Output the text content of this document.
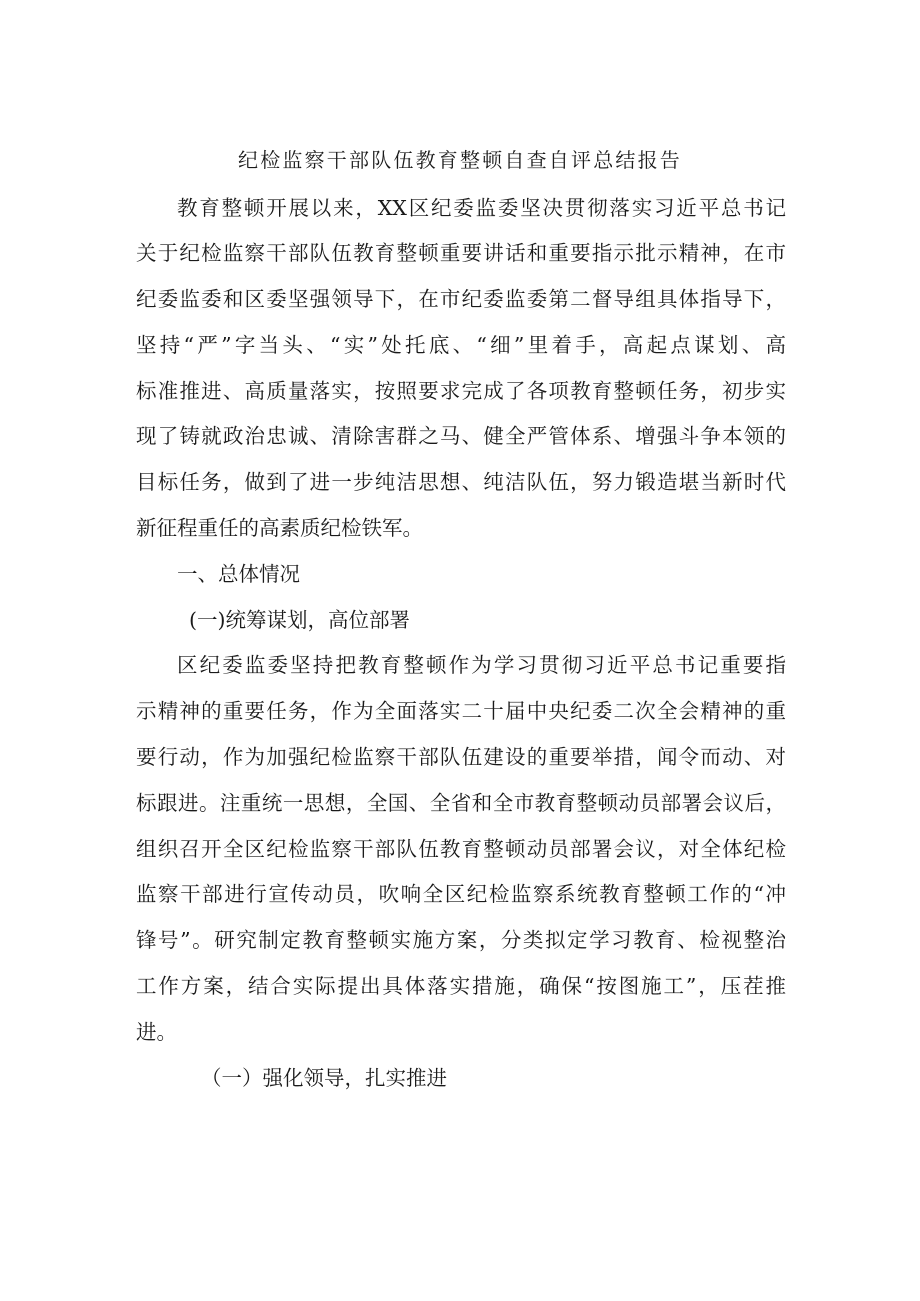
纪检监察干部队伍教育整顿自查自评总结报告
教育整顿开展以来，XX区纪委监委坚决贯彻落实习近平总书记
关于纪检监察干部队伍教育整顿重要讲话和重要指示批示精神，在市
纪委监委和区委坚强领导下，在市纪委监委第二督导组具体指导下，
坚持“严”字当头、“实”处托底、“细”里着手，高起点谋划、高
标准推进、高质量落实，按照要求完成了各项教育整顿任务，初步实
现了铸就政治忠诚、清除害群之马、健全严管体系、增强斗争本领的
目标任务，做到了进一步纯洁思想、纯洁队伍，努力锻造堪当新时代
新征程重任的高素质纪检铁军。
一、总体情况
(一)统筹谋划，高位部署
区纪委监委坚持把教育整顿作为学习贯彻习近平总书记重要指
示精神的重要任务，作为全面落实二十届中央纪委二次全会精神的重
要行动，作为加强纪检监察干部队伍建设的重要举措，闻令而动、对
标跟进。注重统一思想，全国、全省和全市教育整顿动员部署会议后，
组织召开全区纪检监察干部队伍教育整顿动员部署会议，对全体纪检
监察干部进行宣传动员，吹响全区纪检监察系统教育整顿工作的“冲
锋号”。研究制定教育整顿实施方案，分类拟定学习教育、检视整治
工作方案，结合实际提出具体落实措施，确保“按图施工”，压茬推
进。
（一）强化领导，扎实推进
